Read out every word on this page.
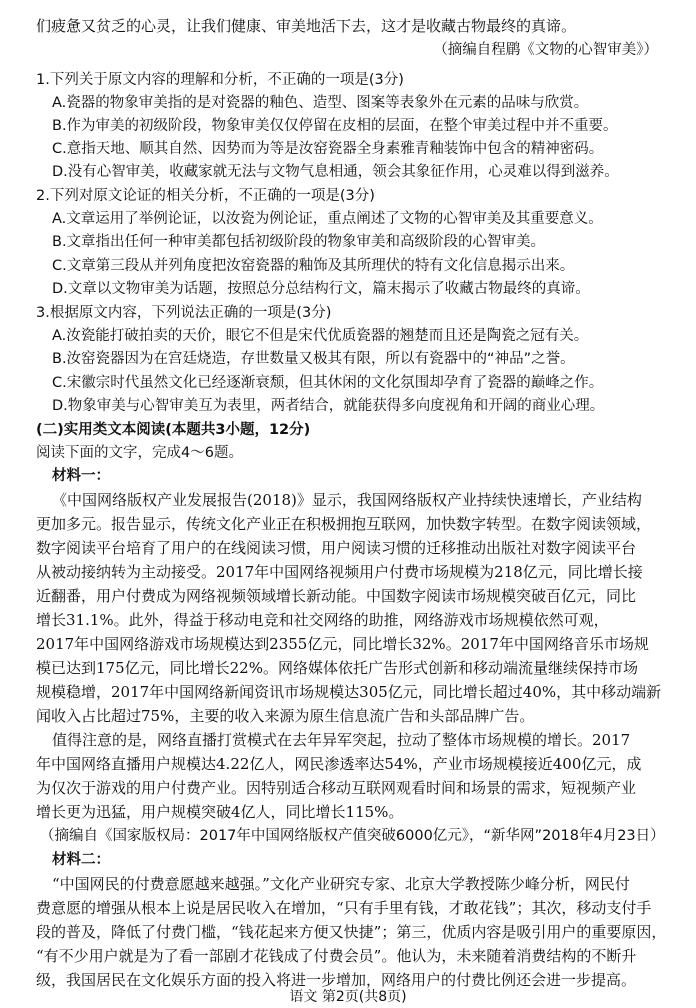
们疲惫又贫乏的心灵，让我们健康、审美地活下去，这才是收藏古物最终的真谛。
（摘编自程鹛《文物的心智审美》）
1.下列关于原文内容的理解和分析，不正确的一项是(3分)
A.瓷器的物象审美指的是对瓷器的釉色、造型、图案等表象外在元素的品味与欣赏。
B.作为审美的初级阶段，物象审美仅仅停留在皮相的层面，在整个审美过程中并不重要。
C.意指天地、顺其自然、因势而为等是汝窑瓷器全身素雅青釉装饰中包含的精神密码。
D.没有心智审美，收藏家就无法与文物气息相通，领会其象征作用，心灵难以得到滋养。
2.下列对原文论证的相关分析，不正确的一项是(3分)
A.文章运用了举例论证，以汝瓷为例论证，重点阐述了文物的心智审美及其重要意义。
B.文章指出任何一种审美都包括初级阶段的物象审美和高级阶段的心智审美。
C.文章第三段从并列角度把汝窑瓷器的釉饰及其所理伏的特有文化信息揭示出来。
D.文章以文物审美为话题，按照总分总结构行文，篇末揭示了收藏古物最终的真谛。
3.根据原文内容，下列说法正确的一项是(3分)
A.汝瓷能打破拍卖的天价，眼它不但是宋代优质瓷器的翘楚而且还是陶瓷之冠有关。
B.汝窑瓷器因为在宫廷烧造，存世数量又极其有限，所以有瓷器中的“神品”之誉。
C.宋徽宗时代虽然文化已经逐渐衰颓，但其休闲的文化氛围却孕育了瓷器的巅峰之作。
D.物象审美与心智审美互为表里，两者结合，就能获得多向度视角和开阔的商业心理。
(二)实用类文本阅读(本题共3小题，12分)
阅读下面的文字，完成4～6题。
材料一：
《中国网络版权产业发展报告(2018)》显示，我国网络版权产业持续快速增长，产业结构
更加多元。报告显示，传统文化产业正在积极拥抱互联网，加快数字转型。在数字阅读领域，
数字阅读平台培育了用户的在线阅读习惯，用户阅读习惯的迁移推动出版社对数字阅读平台
从被动接纳转为主动接受。2017年中国网络视频用户付费市场规模为218亿元，同比增长接
近翻番，用户付费成为网络视频领域增长新动能。中国数字阅读市场规模突破百亿元，同比
增长31.1%。此外，得益于移动电竞和社交网络的助推，网络游戏市场规模依然可观，
2017年中国网络游戏市场规模达到2355亿元，同比增长32%。2017年中国网络音乐市场规
模已达到175亿元，同比增长22%。网络媒体依托广告形式创新和移动端流量继续保持市场
规模稳增，2017年中国网络新闻资讯市场规模达305亿元，同比增长超过40%，其中移动端新
闻收入占比超过75%，主要的收入来源为原生信息流广告和头部品牌广告。
值得注意的是，网络直播打赏模式在去年异军突起，拉动了整体市场规模的增长。2017
年中国网络直播用户规模达4.22亿人，网民渗透率达54%，产业市场规模接近400亿元，成
为仅次于游戏的用户付费产业。因特别适合移动互联网观看时间和场景的需求，短视频产业
增长更为迅猛，用户规模突破4亿人，同比增长115%。
（摘编自《国家版权局：2017年中国网络版权产值突破6000亿元》，“新华网”2018年4月23日）
材料二：
“中国网民的付费意愿越来越强。”文化产业研究专家、北京大学教授陈少峰分析，网民付
费意愿的增强从根本上说是居民收入在增加，“只有手里有钱，才敢花钱”；其次，移动支付手
段的普及，降低了付费门槛，“钱花起来方便又快捷”；第三，优质内容是吸引用户的重要原因，
“有不少用户就是为了看一部剧才花钱成了付费会员”。他认为，未来随着消费结构的不断升
级，我国居民在文化娱乐方面的投入将进一步增加，网络用户的付费比例还会进一步提高。
语文 第2页(共8页)
